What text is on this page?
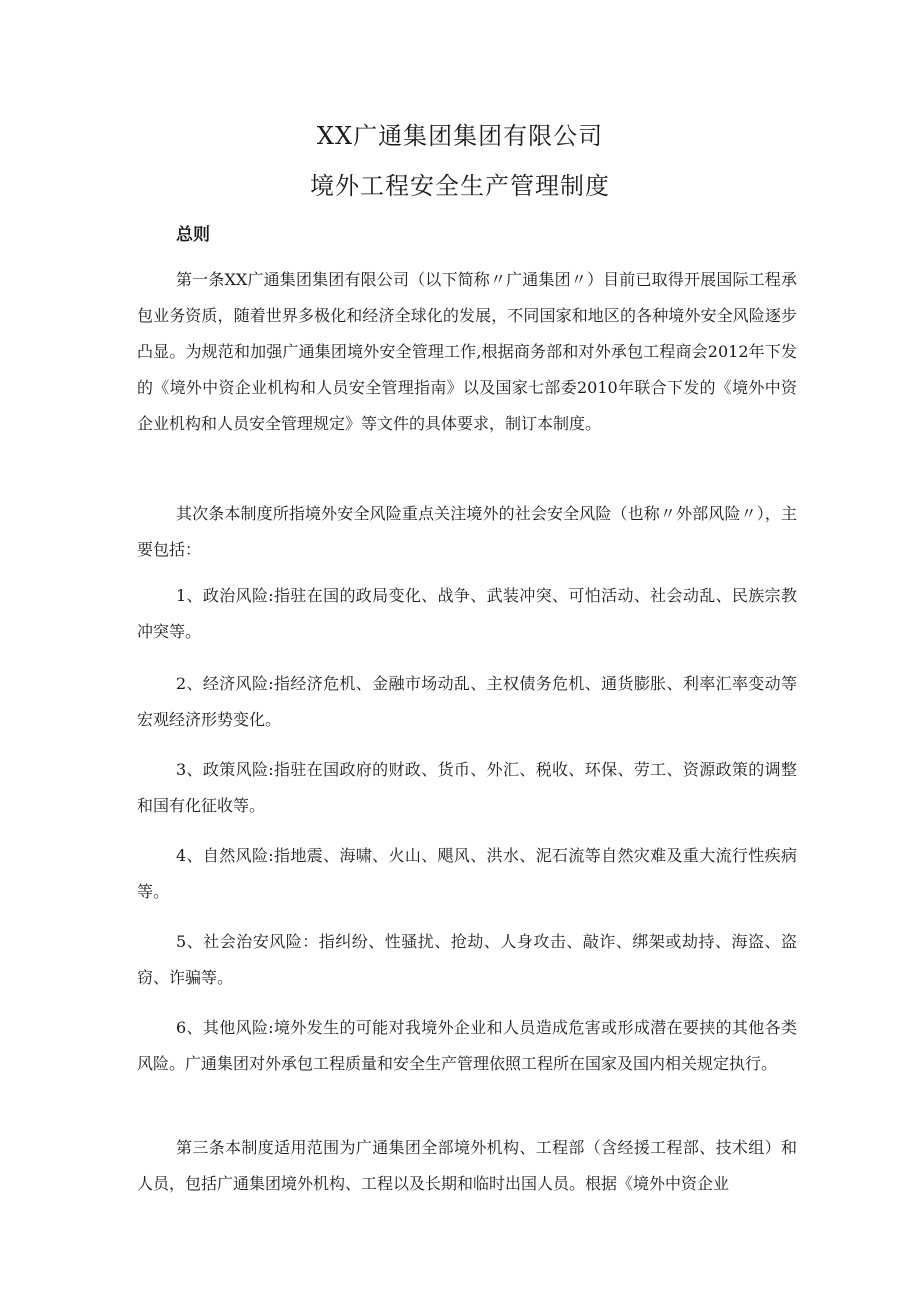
XX广通集团集团有限公司
境外工程安全生产管理制度
总则

第一条XX广通集团集团有限公司（以下简称〃广通集团〃）目前已取得开展国际工程承包业务资质，随着世界多极化和经济全球化的发展，不同国家和地区的各种境外安全风险逐步凸显。为规范和加强广通集团境外安全管理工作,根据商务部和对外承包工程商会2012年下发的《境外中资企业机构和人员安全管理指南》以及国家七部委2010年联合下发的《境外中资企业机构和人员安全管理规定》等文件的具体要求，制订本制度。

其次条本制度所指境外安全风险重点关注境外的社会安全风险（也称〃外部风险〃），主要包括：

1、政治风险:指驻在国的政局变化、战争、武装冲突、可怕活动、社会动乱、民族宗教冲突等。

2、经济风险:指经济危机、金融市场动乱、主权债务危机、通货膨胀、利率汇率变动等宏观经济形势变化。

3、政策风险:指驻在国政府的财政、货币、外汇、税收、环保、劳工、资源政策的调整和国有化征收等。

4、自然风险:指地震、海啸、火山、飓风、洪水、泥石流等自然灾难及重大流行性疾病等。

5、社会治安风险：指纠纷、性骚扰、抢劫、人身攻击、敲诈、绑架或劫持、海盗、盗窃、诈骗等。

6、其他风险:境外发生的可能对我境外企业和人员造成危害或形成潜在要挟的其他各类风险。广通集团对外承包工程质量和安全生产管理依照工程所在国家及国内相关规定执行。

第三条本制度适用范围为广通集团全部境外机构、工程部（含经援工程部、技术组）和人员，包括广通集团境外机构、工程以及长期和临时出国人员。根据《境外中资企业
